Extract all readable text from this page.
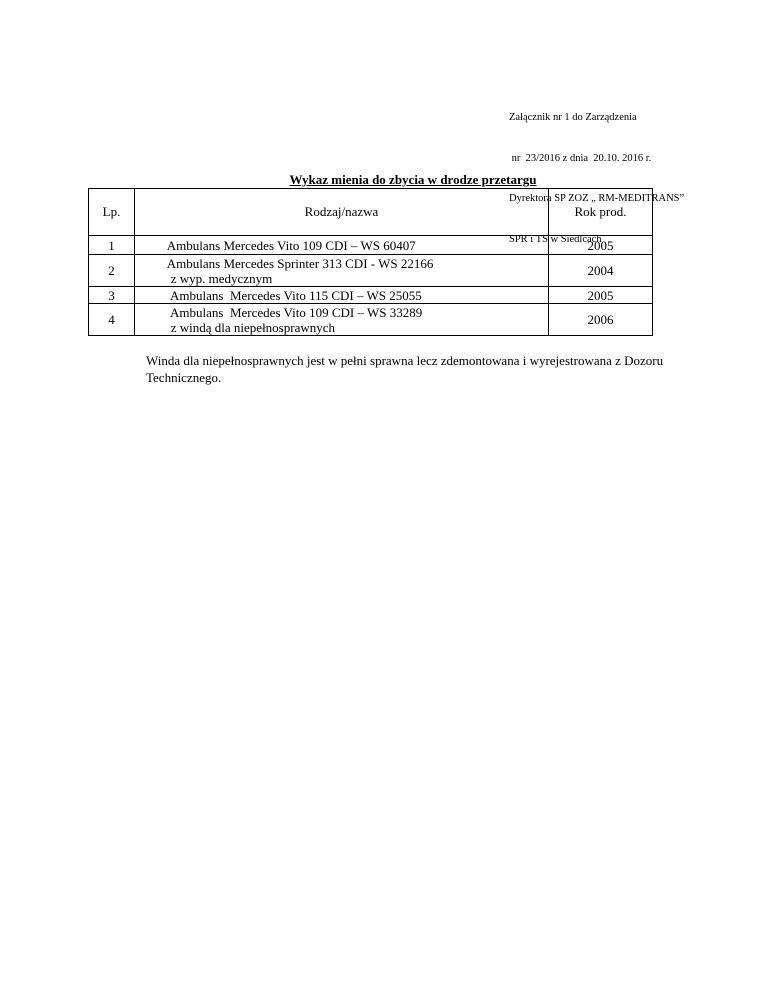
Załącznik nr 1 do Zarządzenia

nr  23/2016 z dnia  20.10. 2016 r.

Dyrektora SP ZOZ „ RM-MEDITRANS”

SPR i TS w Siedlcach

Wykaz mienia do zbycia w drodze przetargu
Lp.	Rodzaj/nazwa	Rok prod.
1	Ambulans Mercedes Vito 109 CDI – WS 60407	2005
2	Ambulans Mercedes Sprinter 313 CDI - WS 22166
z wyp. medycznym	2004
3	Ambulans  Mercedes Vito 115 CDI – WS 25055	2005
4	Ambulans  Mercedes Vito 109 CDI – WS 33289
z windą dla niepełnosprawnych	2006
Winda dla niepełnosprawnych jest w pełni sprawna lecz zdemontowana i wyrejestrowana z Dozoru Technicznego.
